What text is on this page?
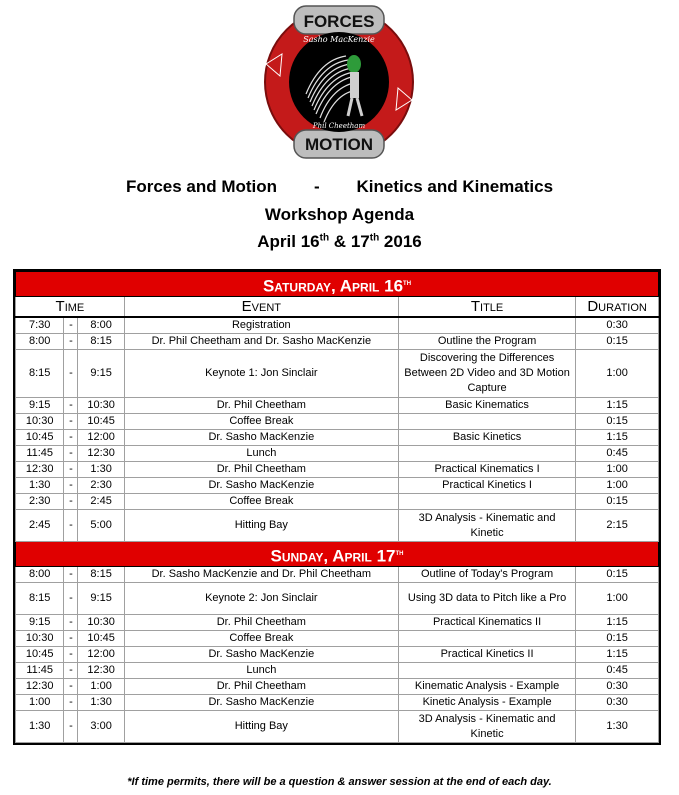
FORCES
MOTION
Sasho MacKenzie
Phil Cheetham
Forces and Motion - Kinetics and Kinematics
Workshop Agenda
April 16th & 17th 2016
Saturday, April 16th
Time			Event	Title	Duration
7:30	-	8:00	Registration		0:30
8:00	-	8:15	Dr. Phil Cheetham and Dr. Sasho MacKenzie	Outline the Program	0:15
8:15	-	9:15	Keynote 1: Jon Sinclair	Discovering the Differences Between 2D Video and 3D Motion Capture	1:00
9:15	-	10:30	Dr. Phil Cheetham	Basic Kinematics	1:15
10:30	-	10:45	Coffee Break		0:15
10:45	-	12:00	Dr. Sasho MacKenzie	Basic Kinetics	1:15
11:45	-	12:30	Lunch		0:45
12:30	-	1:30	Dr. Phil Cheetham	Practical Kinematics I	1:00
1:30	-	2:30	Dr. Sasho MacKenzie	Practical Kinetics I	1:00
2:30	-	2:45	Coffee Break		0:15
2:45	-	5:00	Hitting Bay	3D Analysis - Kinematic and Kinetic	2:15
Sunday, April 17th
8:00	-	8:15	Dr. Sasho MacKenzie and Dr. Phil Cheetham	Outline of Today's Program	0:15
8:15	-	9:15	Keynote 2: Jon Sinclair	Using 3D data to Pitch like a Pro	1:00
9:15	-	10:30	Dr. Phil Cheetham	Practical Kinematics II	1:15
10:30	-	10:45	Coffee Break		0:15
10:45	-	12:00	Dr. Sasho MacKenzie	Practical Kinetics II	1:15
11:45	-	12:30	Lunch		0:45
12:30	-	1:00	Dr. Phil Cheetham	Kinematic Analysis - Example	0:30
1:00	-	1:30	Dr. Sasho MacKenzie	Kinetic Analysis - Example	0:30
1:30	-	3:00	Hitting Bay	3D Analysis - Kinematic and Kinetic	1:30
*If time permits, there will be a question & answer session at the end of each day.
